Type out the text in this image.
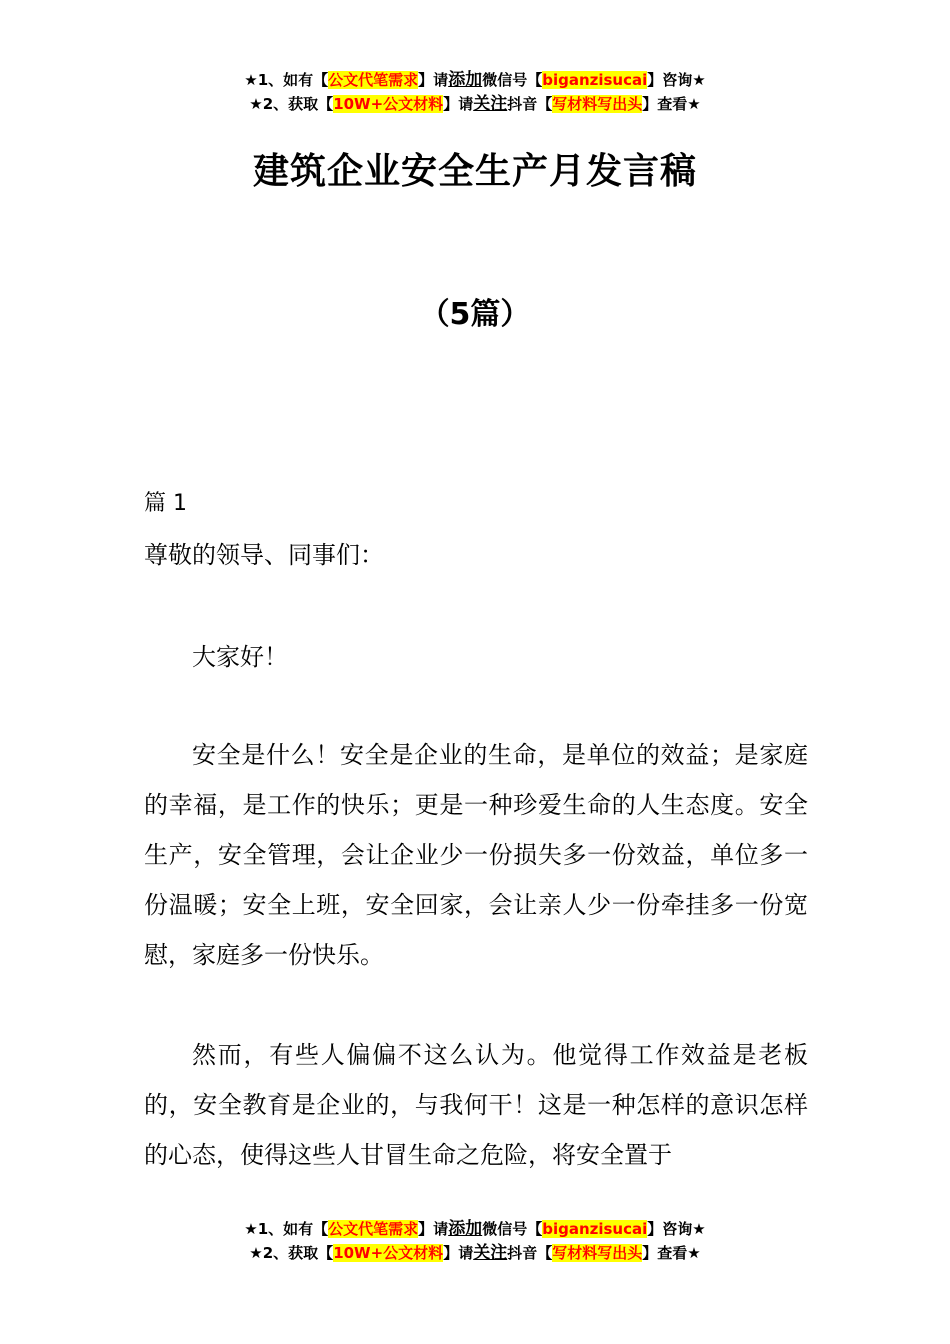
★1、如有【公文代笔需求】请添加微信号【biganzisucai】咨询★
★2、获取【10W+公文材料】请关注抖音【写材料写出头】查看★
建筑企业安全生产月发言稿
（5篇）
篇 1
尊敬的领导、同事们：

大家好！

安全是什么！安全是企业的生命，是单位的效益；是家庭的幸福，是工作的快乐；更是一种珍爱生命的人生态度。安全生产，安全管理，会让企业少一份损失多一份效益，单位多一份温暖；安全上班，安全回家，会让亲人少一份牵挂多一份宽慰，家庭多一份快乐。

然而，有些人偏偏不这么认为。他觉得工作效益是老板的，安全教育是企业的，与我何干！这是一种怎样的意识怎样的心态，使得这些人甘冒生命之危险，将安全置于

★1、如有【公文代笔需求】请添加微信号【biganzisucai】咨询★
★2、获取【10W+公文材料】请关注抖音【写材料写出头】查看★
